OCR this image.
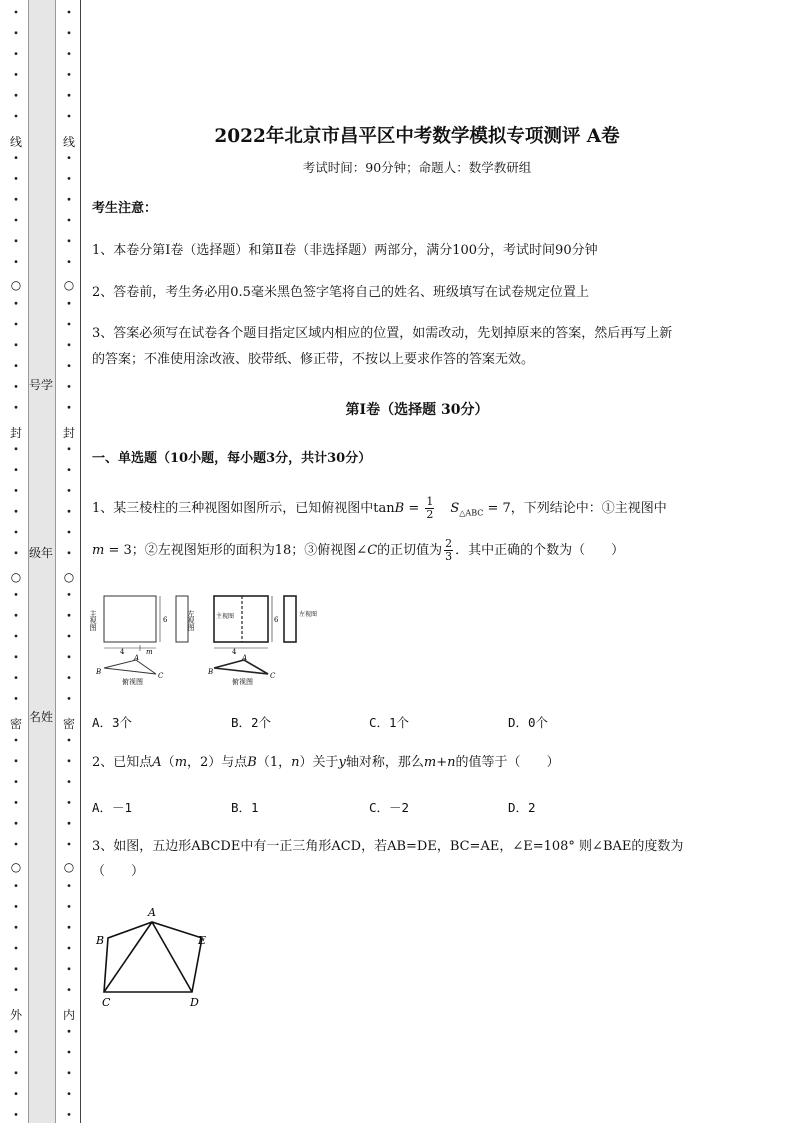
线
○
封
○
密
○
外
线
○
封
○
密
○
内
号学
级年
名姓
2022年北京市昌平区中考数学模拟专项测评 A卷
考试时间：90分钟；命题人：数学教研组
考生注意：
1、本卷分第Ⅰ卷（选择题）和第Ⅱ卷（非选择题）两部分，满分100分，考试时间90分钟
2、答卷前，考生务必用0.5毫米黑色签字笔将自己的姓名、班级填写在试卷规定位置上
3、答案必须写在试卷各个题目指定区域内相应的位置，如需改动，先划掉原来的答案，然后再写上新
的答案；不准使用涂改液、胶带纸、修正带，不按以上要求作答的答案无效。
第Ⅰ卷（选择题 30分）
一、单选题（10小题，每小题3分，共计30分）
1、某三棱柱的三种视图如图所示，已知俯视图中$\tan B = \frac{1}{2} S_{\triangle ABC} = 7$，下列结论中：①主视图中
m = 3；②左视图矩形的面积为18；③俯视图∠C的正切值为 $\frac{2}{3}$ ．其中正确的个数为（　　）
主视图	6
4	m
左视图
A
B	C
俯视图
主视图	6
4
左视图
A
B	C
俯视图
A．3个	B．2个	C．1个	D．0个
2、已知点A（m，2）与点B（1，n）关于y轴对称，那么m+n的值等于（　　）
A．－1	B．1	C．－2	D．2
3、如图，五边形ABCDE中有一正三角形ACD，若AB=DE，BC=AE，∠E=108° 则∠BAE的度数为
（　　）
A
B
C	D
E
